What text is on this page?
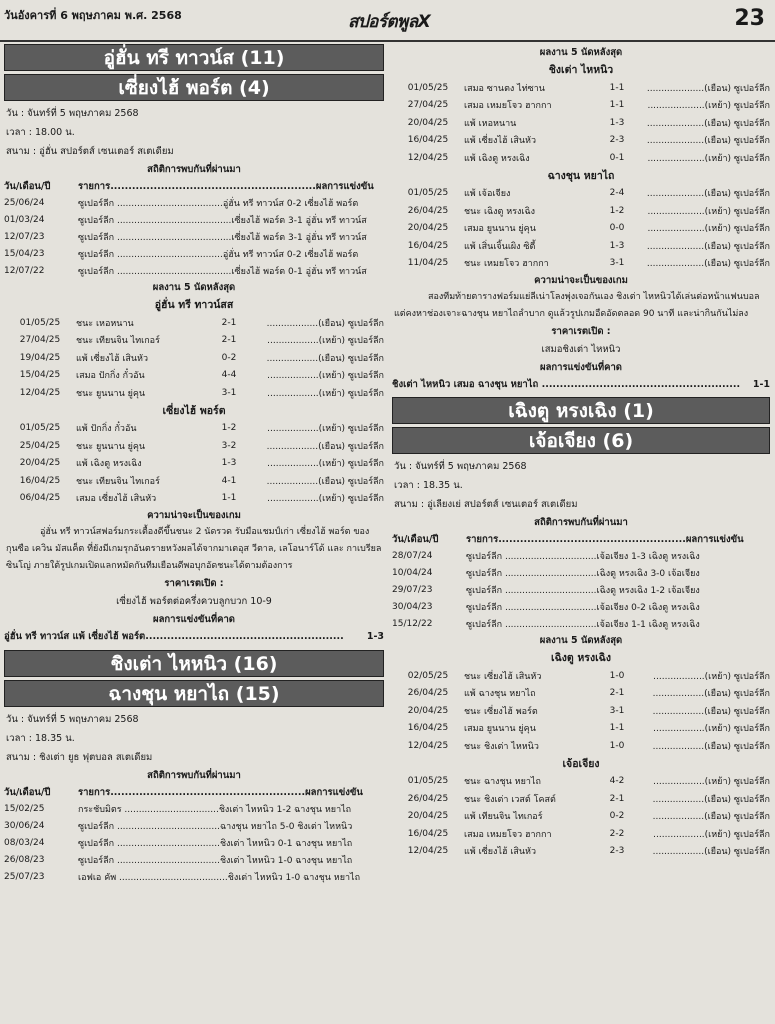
วันอังคารที่ 6 พฤษภาคม พ.ศ. 2568	สปอร์ตพูลX	23
อู่ฮั่น ทรี ทาวน์ส (11)
เซี่ยงไฮ้ พอร์ต (4)
วัน : จันทร์ที่ 5 พฤษภาคม 2568
เวลา : 18.00 น.
สนาม : อู่ฮั่น สปอร์ตส์ เซนเตอร์ สเตเดียม
สถิติการพบกันที่ผ่านมา
วัน/เดือน/ปี	รายการ.........................................................ผลการแข่งขัน
25/06/24	ซูเปอร์ลีก .....................................อู่ฮั่น ทรี ทาวน์ส 0-2 เซี่ยงไฮ้ พอร์ต
01/03/24	ซูเปอร์ลีก ........................................เซี่ยงไฮ้ พอร์ต 3-1 อู่ฮั่น ทรี ทาวน์ส
12/07/23	ซูเปอร์ลีก ........................................เซี่ยงไฮ้ พอร์ต 3-1 อู่ฮั่น ทรี ทาวน์ส
15/04/23	ซูเปอร์ลีก .....................................อู่ฮั่น ทรี ทาวน์ส 0-2 เซี่ยงไฮ้ พอร์ต
12/07/22	ซูเปอร์ลีก ........................................เซี่ยงไฮ้ พอร์ต 0-1 อู่ฮั่น ทรี ทาวน์ส
ผลงาน 5 นัดหลังสุด
อู่ฮั่น ทรี ทาวน์สส
01/05/25	ชนะ เหอหนาน	2-1	..................(เยือน) ซูเปอร์ลีก
27/04/25	ชนะ เทียนจิน ไทเกอร์	2-1	..................(เหย้า) ซูเปอร์ลีก
19/04/25	แพ้ เซี่ยงไฮ้ เสินหัว	0-2	..................(เยือน) ซูเปอร์ลีก
15/04/25	เสมอ ปักกิ่ง กั๋วอัน	4-4	..................(เหย้า) ซูเปอร์ลีก
12/04/25	ชนะ ยูนนาน ยู่คุน	3-1	..................(เหย้า) ซูเปอร์ลีก
เซี่ยงไฮ้ พอร์ต
01/05/25	แพ้ ปักกิ่ง กั๋วอัน	1-2	..................(เหย้า) ซูเปอร์ลีก
25/04/25	ชนะ ยูนนาน ยู่คุน	3-2	..................(เยือน) ซูเปอร์ลีก
20/04/25	แพ้ เฉิงตู หรงเฉิง	1-3	..................(เหย้า) ซูเปอร์ลีก
16/04/25	ชนะ เทียนจิน ไทเกอร์	4-1	..................(เยือน) ซูเปอร์ลีก
06/04/25	เสมอ เซี่ยงไฮ้ เสินหัว	1-1	..................(เหย้า) ซูเปอร์ลีก
ความน่าจะเป็นของเกม
อู่ฮั่น ทรี ทาวน์สฟอร์มกระเตื้องดีขึ้นชนะ 2 นัดรวด รับมือแชมป์เก่า เซี่ยงไฮ้ พอร์ต ของกุนซือ เควิน มัสแค็ต ที่ยังมีเกมรุกอันตรายหวังผลได้จากมาเตอุส วีตาล, เลโอนาร์โด้ และ กาเบรียล ซินโญ่ ภายใต้รูปเกมเปิดแลกหมัดกันทีมเยือนดีพอบุกอัดชนะได้ตามต้องการ
ราคาเรตเปิด :
เซี่ยงไฮ้ พอร์ตต่อครึ่งควบลูกบวก 10-9
ผลการแข่งขันที่คาด
อู่ฮั่น ทรี ทาวน์ส แพ้ เซี่ยงไฮ้ พอร์ต....................................................... 1-3
ชิงเต่า ไหหนิว (16)
ฉางชุน หยาไถ (15)
วัน : จันทร์ที่ 5 พฤษภาคม 2568
เวลา : 18.35 น.
สนาม : ชิงเต่า ยูธ ฟุตบอล สเตเดียม
สถิติการพบกันที่ผ่านมา
วัน/เดือน/ปี	รายการ......................................................ผลการแข่งขัน
15/02/25	กระชับมิตร .................................ชิงเต่า ไหหนิว 1-2 ฉางชุน หยาไถ
30/06/24	ซูเปอร์ลีก ....................................ฉางชุน หยาไถ 5-0 ชิงเต่า ไหหนิว
08/03/24	ซูเปอร์ลีก ....................................ชิงเต่า ไหหนิว 0-1 ฉางชุน หยาไถ
26/08/23	ซูเปอร์ลีก ....................................ชิงเต่า ไหหนิว 1-0 ฉางชุน หยาไถ
25/07/23	เอฟเอ คัพ ......................................ชิงเต่า ไหหนิว 1-0 ฉางชุน หยาไถ
ผลงาน 5 นัดหลังสุด
ชิงเต่า ไหหนิว
01/05/25	เสมอ ซานตง ไท่ซาน	1-1	....................(เยือน) ซูเปอร์ลีก
27/04/25	เสมอ เหมยโจว ฮากกา	1-1	....................(เหย้า) ซูเปอร์ลีก
20/04/25	แพ้ เหอหนาน	1-3	....................(เยือน) ซูเปอร์ลีก
16/04/25	แพ้ เซี่ยงไฮ้ เสินหัว	2-3	....................(เยือน) ซูเปอร์ลีก
12/04/25	แพ้ เฉิงตู หรงเฉิง	0-1	....................(เหย้า) ซูเปอร์ลีก
ฉางชุน หยาไถ
01/05/25	แพ้ เจ้อเจียง	2-4	....................(เยือน) ซูเปอร์ลีก
26/04/25	ชนะ เฉิงตู หรงเฉิง	1-2	....................(เหย้า) ซูเปอร์ลีก
20/04/25	เสมอ ยูนนาน ยู่คุน	0-0	....................(เหย้า) ซูเปอร์ลีก
16/04/25	แพ้ เสิ่นเจิ้นเผิง ซิตี้	1-3	....................(เยือน) ซูเปอร์ลีก
11/04/25	ชนะ เหมยโจว ฮากกา	3-1	....................(เยือน) ซูเปอร์ลีก
ความน่าจะเป็นของเกม
สองทีมท้ายตารางฟอร์มแย่ลีเน่าโลงพุ่งเจอกันเอง ชิงเต่า ไหหนิวได้เล่นต่อหน้าแฟนบอลแต่คงหาช่องเจาะฉางชุน หยาไถลำบาก ดูแล้วรูปเกมอืดอัดตลอด 90 นาที และน่ากินกันไม่ลง
ราคาเรตเปิด :
เสมอชิงเต่า ไหหนิว
ผลการแข่งขันที่คาด
ชิงเต่า ไหหนิว เสมอ ฉางชุน หยาไถ ....................................................... 1-1
เฉิงตู หรงเฉิง (1)
เจ้อเจียง (6)
วัน : จันทร์ที่ 5 พฤษภาคม 2568
เวลา : 18.35 น.
สนาม : อู่เลียงเย่ สปอร์ตส์ เซนเตอร์ สเตเดียม
สถิติการพบกันที่ผ่านมา
วัน/เดือน/ปี	รายการ....................................................ผลการแข่งขัน
28/07/24	ซูเปอร์ลีก ................................เจ้อเจียง 1-3 เฉิงตู หรงเฉิง
10/04/24	ซูเปอร์ลีก ................................เฉิงตู หรงเฉิง 3-0 เจ้อเจียง
29/07/23	ซูเปอร์ลีก ................................เฉิงตู หรงเฉิง 1-2 เจ้อเจียง
30/04/23	ซูเปอร์ลีก ................................เจ้อเจียง 0-2 เฉิงตู หรงเฉิง
15/12/22	ซูเปอร์ลีก ................................เจ้อเจียง 1-1 เฉิงตู หรงเฉิง
ผลงาน 5 นัดหลังสุด
เฉิงตู หรงเฉิง
02/05/25	ชนะ เซี่ยงไฮ้ เสินหัว	1-0	..................(เหย้า) ซูเปอร์ลีก
26/04/25	แพ้ ฉางชุน หยาไถ	2-1	..................(เยือน) ซูเปอร์ลีก
20/04/25	ชนะ เซี่ยงไฮ้ พอร์ต	3-1	..................(เยือน) ซูเปอร์ลีก
16/04/25	เสมอ ยูนนาน ยู่คุน	1-1	..................(เหย้า) ซูเปอร์ลีก
12/04/25	ชนะ ชิงเต่า ไหหนิว	1-0	..................(เยือน) ซูเปอร์ลีก
เจ้อเจียง
01/05/25	ชนะ ฉางชุน หยาไถ	4-2	..................(เหย้า) ซูเปอร์ลีก
26/04/25	ชนะ ชิงเต่า เวสต์ โคสต์	2-1	..................(เยือน) ซูเปอร์ลีก
20/04/25	แพ้ เทียนจิน ไทเกอร์	0-2	..................(เยือน) ซูเปอร์ลีก
16/04/25	เสมอ เหมยโจว ฮากกา	2-2	..................(เหย้า) ซูเปอร์ลีก
12/04/25	แพ้ เซี่ยงไฮ้ เสินหัว	2-3	..................(เยือน) ซูเปอร์ลีก
